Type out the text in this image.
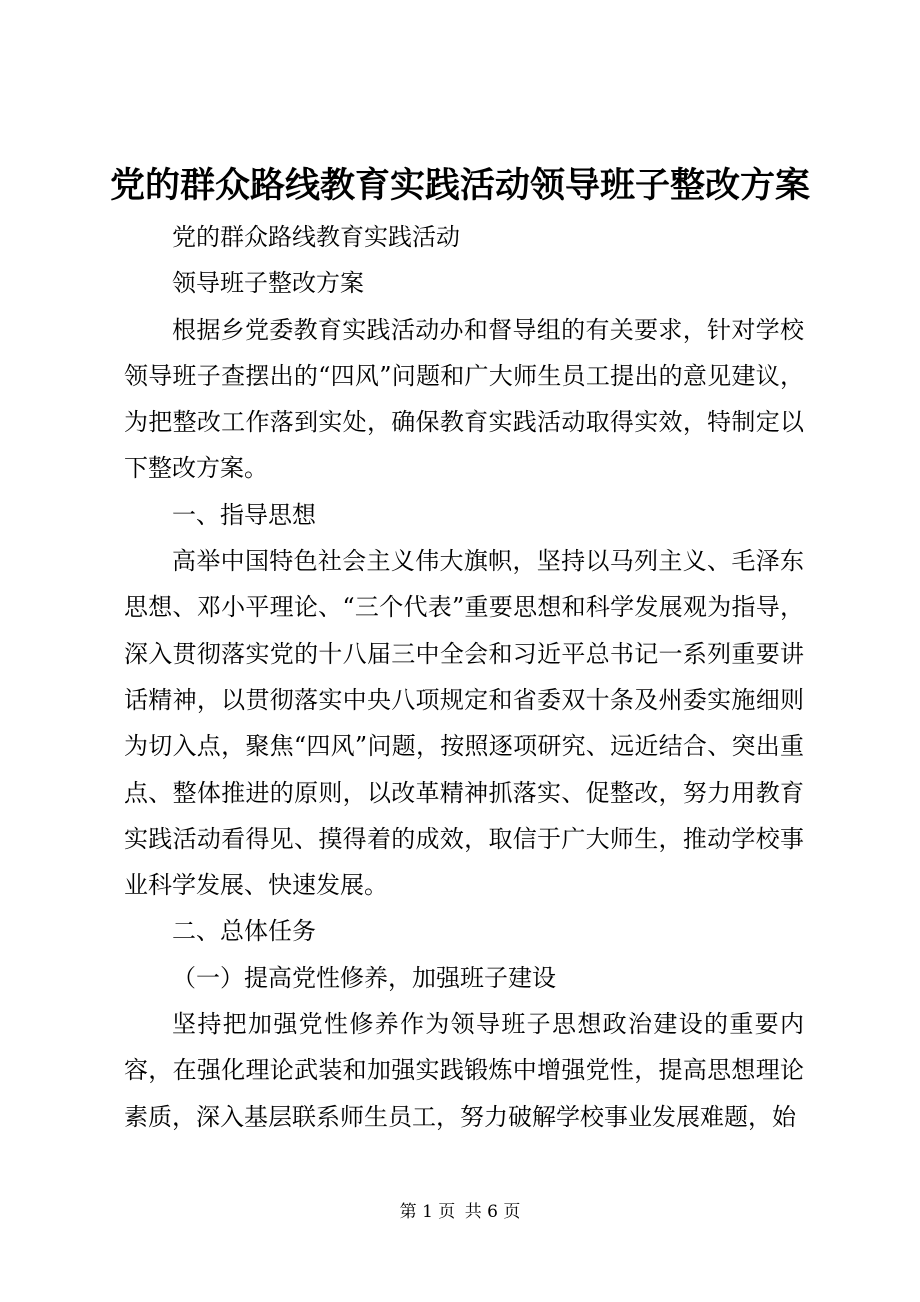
党的群众路线教育实践活动领导班子整改方案

党的群众路线教育实践活动

领导班子整改方案

根据乡党委教育实践活动办和督导组的有关要求，针对学校领导班子查摆出的“四风”问题和广大师生员工提出的意见建议，为把整改工作落到实处，确保教育实践活动取得实效，特制定以下整改方案。

一、指导思想

高举中国特色社会主义伟大旗帜，坚持以马列主义、毛泽东思想、邓小平理论、“三个代表”重要思想和科学发展观为指导，深入贯彻落实党的十八届三中全会和习近平总书记一系列重要讲话精神，以贯彻落实中央八项规定和省委双十条及州委实施细则为切入点，聚焦“四风”问题，按照逐项研究、远近结合、突出重点、整体推进的原则，以改革精神抓落实、促整改，努力用教育实践活动看得见、摸得着的成效，取信于广大师生，推动学校事业科学发展、快速发展。

二、总体任务

（一）提高党性修养，加强班子建设

坚持把加强党性修养作为领导班子思想政治建设的重要内容，在强化理论武装和加强实践锻炼中增强党性，提高思想理论素质，深入基层联系师生员工，努力破解学校事业发展难题，始

第 1 页 共 6 页
